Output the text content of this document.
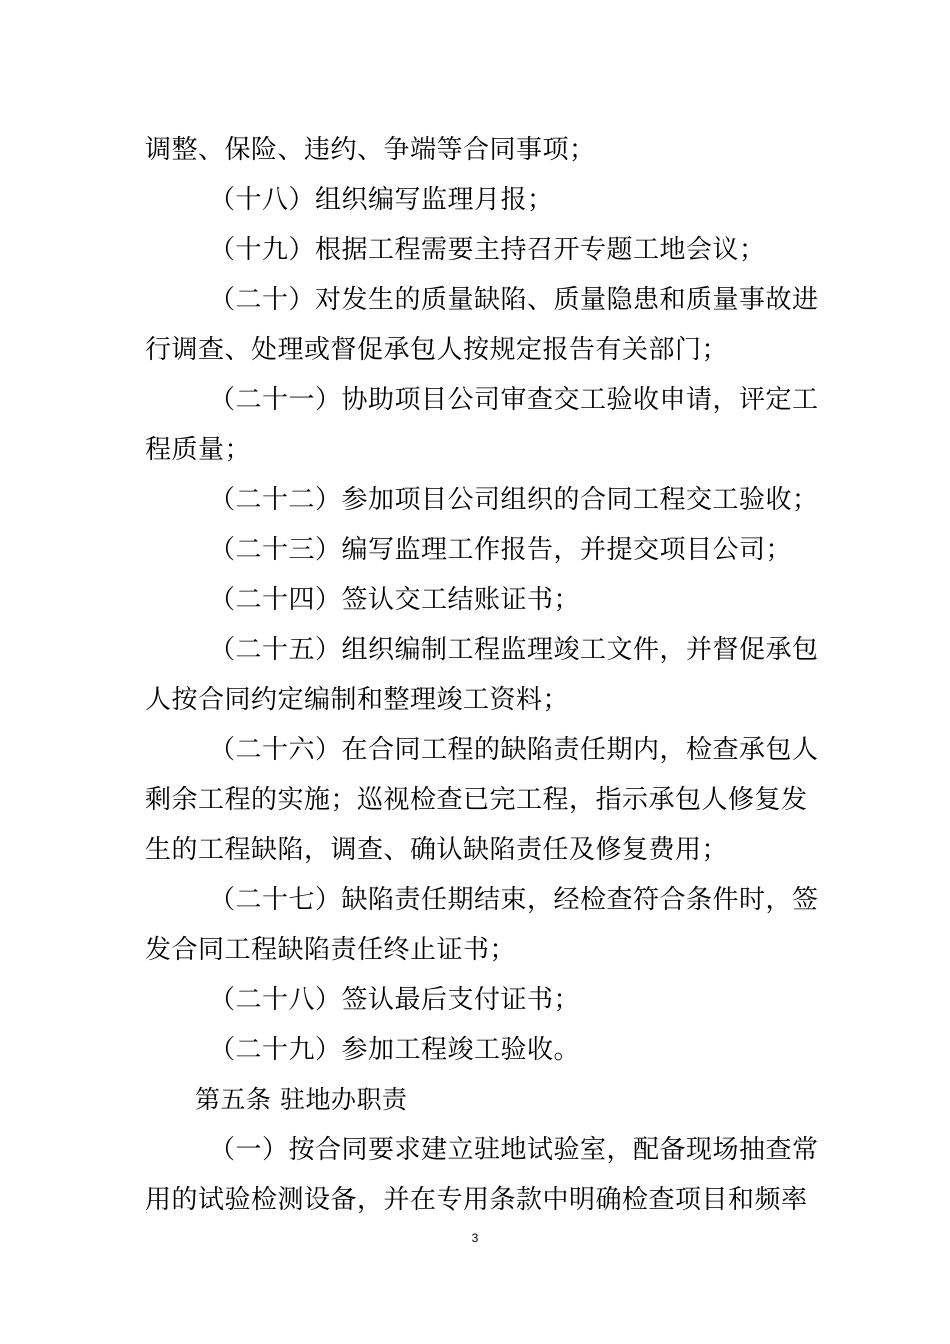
调整、保险、违约、争端等合同事项；
（十八）组织编写监理月报；
（十九）根据工程需要主持召开专题工地会议；
（二十）对发生的质量缺陷、质量隐患和质量事故进
行调查、处理或督促承包人按规定报告有关部门；
（二十一）协助项目公司审查交工验收申请，评定工
程质量；
（二十二）参加项目公司组织的合同工程交工验收；
（二十三）编写监理工作报告，并提交项目公司；
（二十四）签认交工结账证书；
（二十五）组织编制工程监理竣工文件，并督促承包
人按合同约定编制和整理竣工资料；
（二十六）在合同工程的缺陷责任期内，检查承包人
剩余工程的实施；巡视检查已完工程，指示承包人修复发
生的工程缺陷，调查、确认缺陷责任及修复费用；
（二十七）缺陷责任期结束，经检查符合条件时，签
发合同工程缺陷责任终止证书；
（二十八）签认最后支付证书；
（二十九）参加工程竣工验收。
第五条 驻地办职责
（一）按合同要求建立驻地试验室，配备现场抽查常
用的试验检测设备，并在专用条款中明确检查项目和频率
3
